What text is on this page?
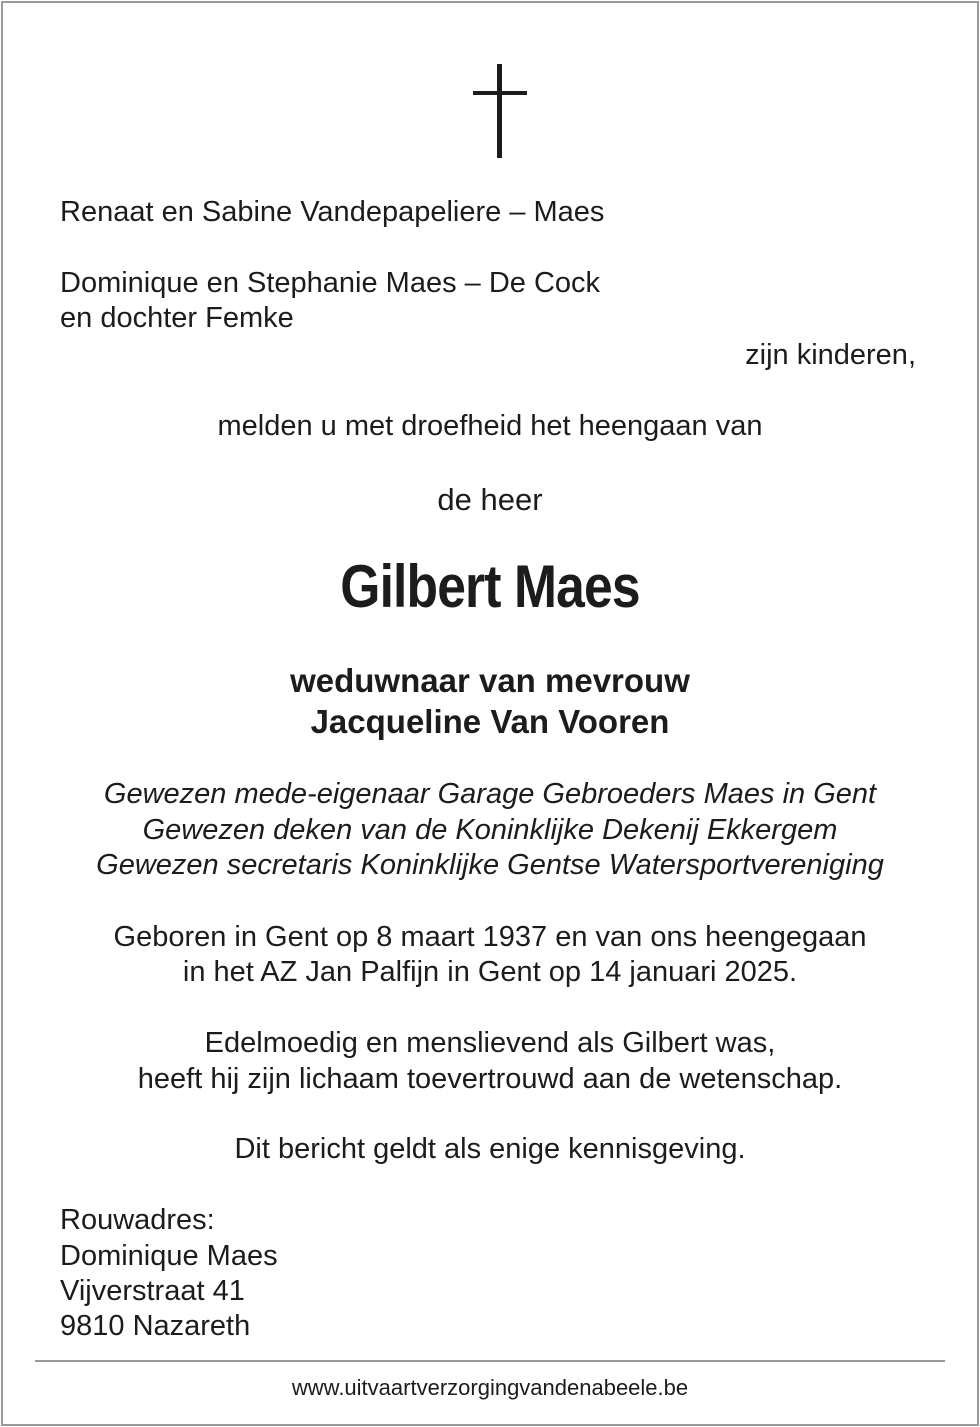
Renaat en Sabine Vandepapeliere – Maes
Dominique en Stephanie Maes – De Cock
en dochter Femke
zijn kinderen,
melden u met droefheid het heengaan van
de heer
Gilbert Maes
weduwnaar van mevrouw
Jacqueline Van Vooren
Gewezen mede-eigenaar Garage Gebroeders Maes in Gent
Gewezen deken van de Koninklijke Dekenij Ekkergem
Gewezen secretaris Koninklijke Gentse Watersportvereniging
Geboren in Gent op 8 maart 1937 en van ons heengegaan
in het AZ Jan Palfijn in Gent op 14 januari 2025.
Edelmoedig en menslievend als Gilbert was,
heeft hij zijn lichaam toevertrouwd aan de wetenschap.
Dit bericht geldt als enige kennisgeving.
Rouwadres:
Dominique Maes
Vijverstraat 41
9810 Nazareth
www.uitvaartverzorgingvandenabeele.be
